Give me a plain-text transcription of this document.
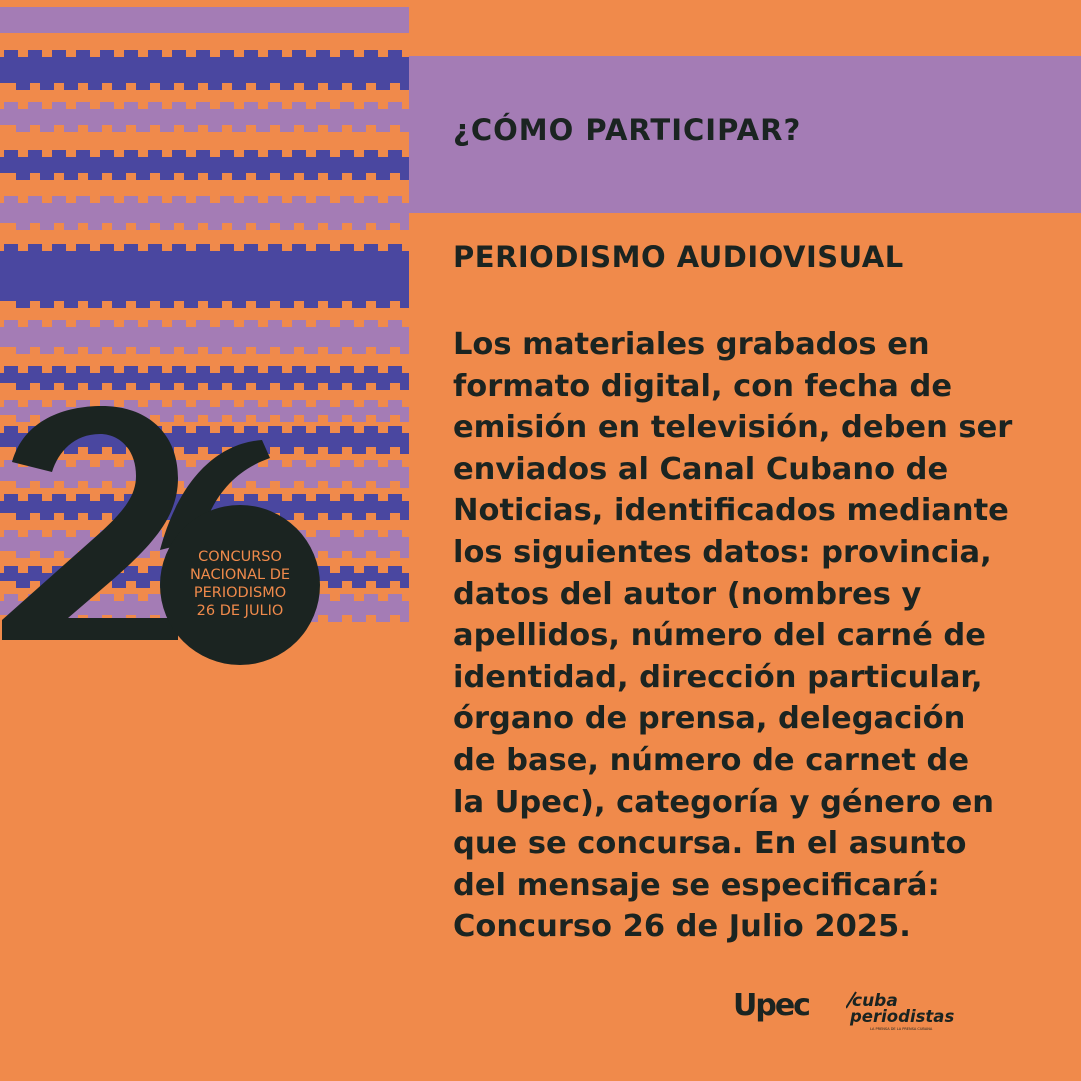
¿CÓMO PARTICIPAR?
PERIODISMO AUDIOVISUAL

Los materiales grabados en
formato digital, con fecha de
emisión en televisión, deben ser
enviados al Canal Cubano de
Noticias, identificados mediante
los siguientes datos: provincia,
datos del autor (nombres y
apellidos, número del carné de
identidad, dirección particular,
órgano de prensa, delegación
de base, número de carnet de
la Upec), categoría y género en
que se concursa. En el asunto
del mensaje se especificará:
Concurso 26 de Julio 2025.

CONCURSO
NACIONAL DE
PERIODISMO
26 DE JULIO
Upec	cuba
periodistas
LA PRENSA DE LA PRENSA CUBANA
